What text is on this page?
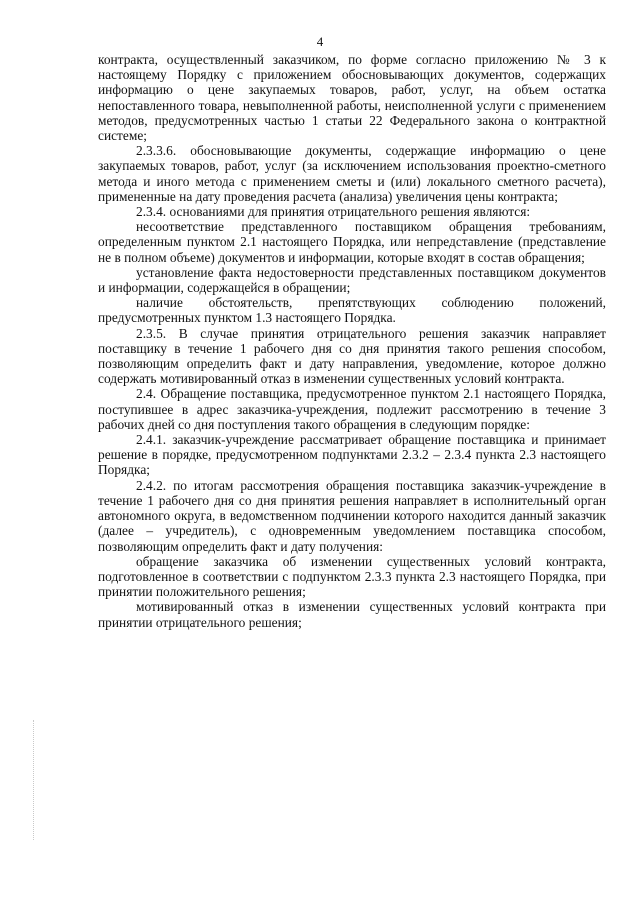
4

контракта, осуществленный заказчиком, по форме согласно приложению № 3 к настоящему Порядку с приложением обосновывающих документов, содержащих информацию о цене закупаемых товаров, работ, услуг, на объем остатка непоставленного товара, невыполненной работы, неисполненной услуги с применением методов, предусмотренных частью 1 статьи 22 Федерального закона о контрактной системе;

2.3.3.6. обосновывающие документы, содержащие информацию о цене закупаемых товаров, работ, услуг (за исключением использования проектно-сметного метода и иного метода с применением сметы и (или) локального сметного расчета), примененные на дату проведения расчета (анализа) увеличения цены контракта;

2.3.4. основаниями для принятия отрицательного решения являются:

несоответствие представленного поставщиком обращения требованиям, определенным пунктом 2.1 настоящего Порядка, или непредставление (представление не в полном объеме) документов и информации, которые входят в состав обращения;

установление факта недостоверности представленных поставщиком документов и информации, содержащейся в обращении;

наличие обстоятельств, препятствующих соблюдению положений, предусмотренных пунктом 1.3 настоящего Порядка.

2.3.5. В случае принятия отрицательного решения заказчик направляет поставщику в течение 1 рабочего дня со дня принятия такого решения способом, позволяющим определить факт и дату направления, уведомление, которое должно содержать мотивированный отказ в изменении существенных условий контракта.

2.4. Обращение поставщика, предусмотренное пунктом 2.1 настоящего Порядка, поступившее в адрес заказчика-учреждения, подлежит рассмотрению в течение 3 рабочих дней со дня поступления такого обращения в следующим порядке:

2.4.1. заказчик-учреждение рассматривает обращение поставщика и принимает решение в порядке, предусмотренном подпунктами 2.3.2 – 2.3.4 пункта 2.3 настоящего Порядка;

2.4.2. по итогам рассмотрения обращения поставщика заказчик-учреждение в течение 1 рабочего дня со дня принятия решения направляет в исполнительный орган автономного округа, в ведомственном подчинении которого находится данный заказчик (далее – учредитель), с одновременным уведомлением поставщика способом, позволяющим определить факт и дату получения:

обращение заказчика об изменении существенных условий контракта, подготовленное в соответствии с подпунктом 2.3.3 пункта 2.3 настоящего Порядка, при принятии положительного решения;

мотивированный отказ в изменении существенных условий контракта при принятии отрицательного решения;
